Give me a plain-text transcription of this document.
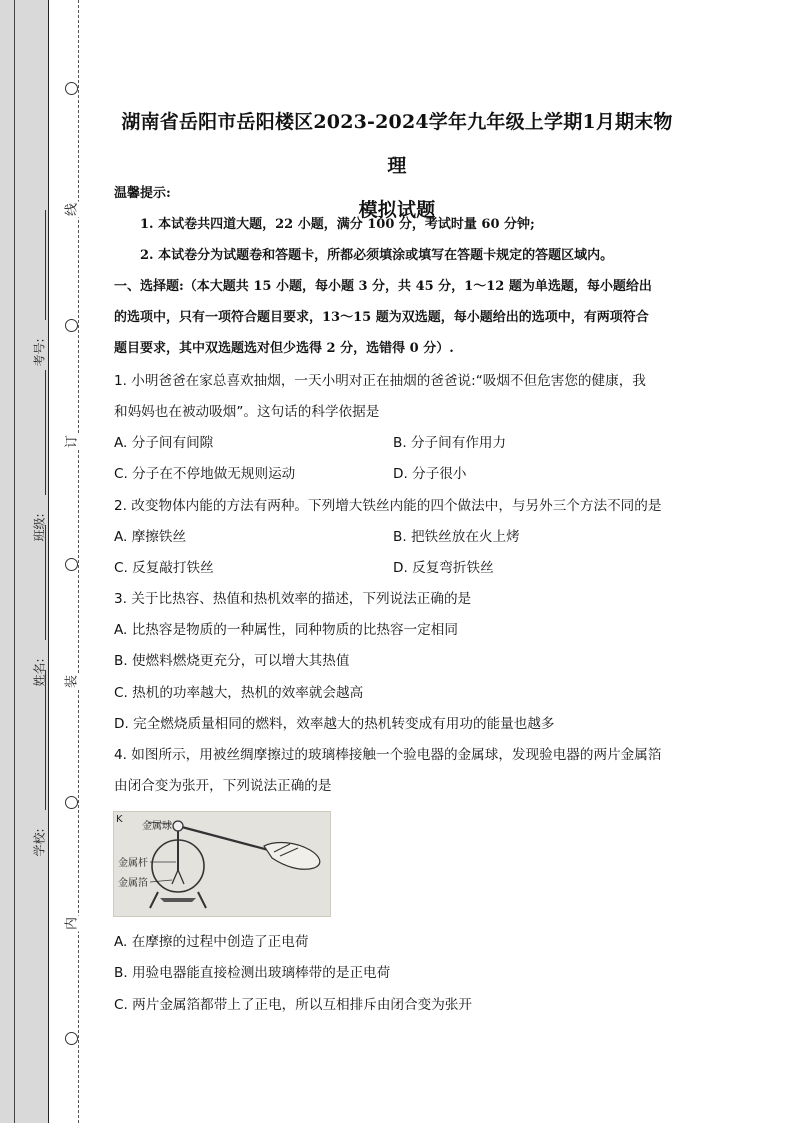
线
订
装
内
考号:
班级:
姓名:
学校:
湖南省岳阳市岳阳楼区2023-2024学年九年级上学期1月期末物理
模拟试题
温馨提示:
1. 本试卷共四道大题，22 小题，满分 100 分，考试时量 60 分钟;
2. 本试卷分为试题卷和答题卡，所都必须填涂或填写在答题卡规定的答题区域内。
一、选择题:（本大题共 15 小题，每小题 3 分，共 45 分，1～12 题为单选题，每小题给出
的选项中，只有一项符合题目要求，13～15 题为双选题，每小题给出的选项中，有两项符合
题目要求，其中双选题选对但少选得 2 分，选错得 0 分）.
1. 小明爸爸在家总喜欢抽烟，一天小明对正在抽烟的爸爸说:“吸烟不但危害您的健康，我
和妈妈也在被动吸烟”。这句话的科学依据是
A. 分子间有间隙	B. 分子间有作用力
C. 分子在不停地做无规则运动	D. 分子很小
2. 改变物体内能的方法有两种。下列增大铁丝内能的四个做法中，与另外三个方法不同的是
A. 摩擦铁丝	B. 把铁丝放在火上烤
C. 反复敲打铁丝	D. 反复弯折铁丝
3. 关于比热容、热值和热机效率的描述，下列说法正确的是
A. 比热容是物质的一种属性，同种物质的比热容一定相同
B. 使燃料燃烧更充分，可以增大其热值
C. 热机的功率越大，热机的效率就会越高
D. 完全燃烧质量相同的燃料，效率越大的热机转变成有用功的能量也越多
4. 如图所示，用被丝绸摩擦过的玻璃棒接触一个验电器的金属球，发现验电器的两片金属箔
由闭合变为张开，下列说法正确的是
K
金属球
金属杆
金属箔
A. 在摩擦的过程中创造了正电荷
B. 用验电器能直接检测出玻璃棒带的是正电荷
C. 两片金属箔都带上了正电，所以互相排斥由闭合变为张开
